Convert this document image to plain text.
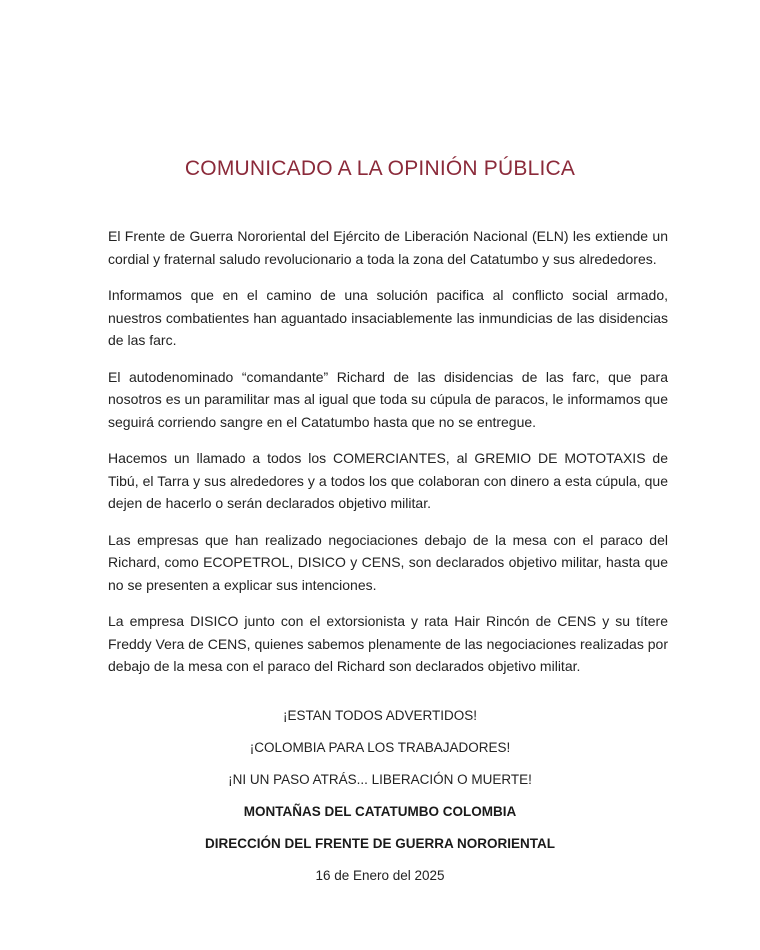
COMUNICADO A LA OPINIÓN PÚBLICA

El Frente de Guerra Nororiental del Ejército de Liberación Nacional (ELN) les extiende un cordial y fraternal saludo revolucionario a toda la zona del Catatumbo y sus alrededores.

Informamos que en el camino de una solución pacifica al conflicto social armado, nuestros combatientes han aguantado insaciablemente las inmundicias de las disidencias de las farc.

El autodenominado “comandante” Richard de las disidencias de las farc, que para nosotros es un paramilitar mas al igual que toda su cúpula de paracos, le informamos que seguirá corriendo sangre en el Catatumbo hasta que no se entregue.

Hacemos un llamado a todos los COMERCIANTES, al GREMIO DE MOTOTAXIS de Tibú, el Tarra y sus alrededores y a todos los que colaboran con dinero a esta cúpula, que dejen de hacerlo o serán declarados objetivo militar.

Las empresas que han realizado negociaciones debajo de la mesa con el paraco del Richard, como ECOPETROL, DISICO y CENS, son declarados objetivo militar, hasta que no se presenten a explicar sus intenciones.

La empresa DISICO junto con el extorsionista y rata Hair Rincón de CENS y su títere Freddy Vera de CENS, quienes sabemos plenamente de las negociaciones realizadas por debajo de la mesa con el paraco del Richard son declarados objetivo militar.

¡ESTAN TODOS ADVERTIDOS!

¡COLOMBIA PARA LOS TRABAJADORES!

¡NI UN PASO ATRÁS... LIBERACIÓN O MUERTE!

MONTAÑAS DEL CATATUMBO COLOMBIA

DIRECCIÓN DEL FRENTE DE GUERRA NORORIENTAL

16 de Enero del 2025
